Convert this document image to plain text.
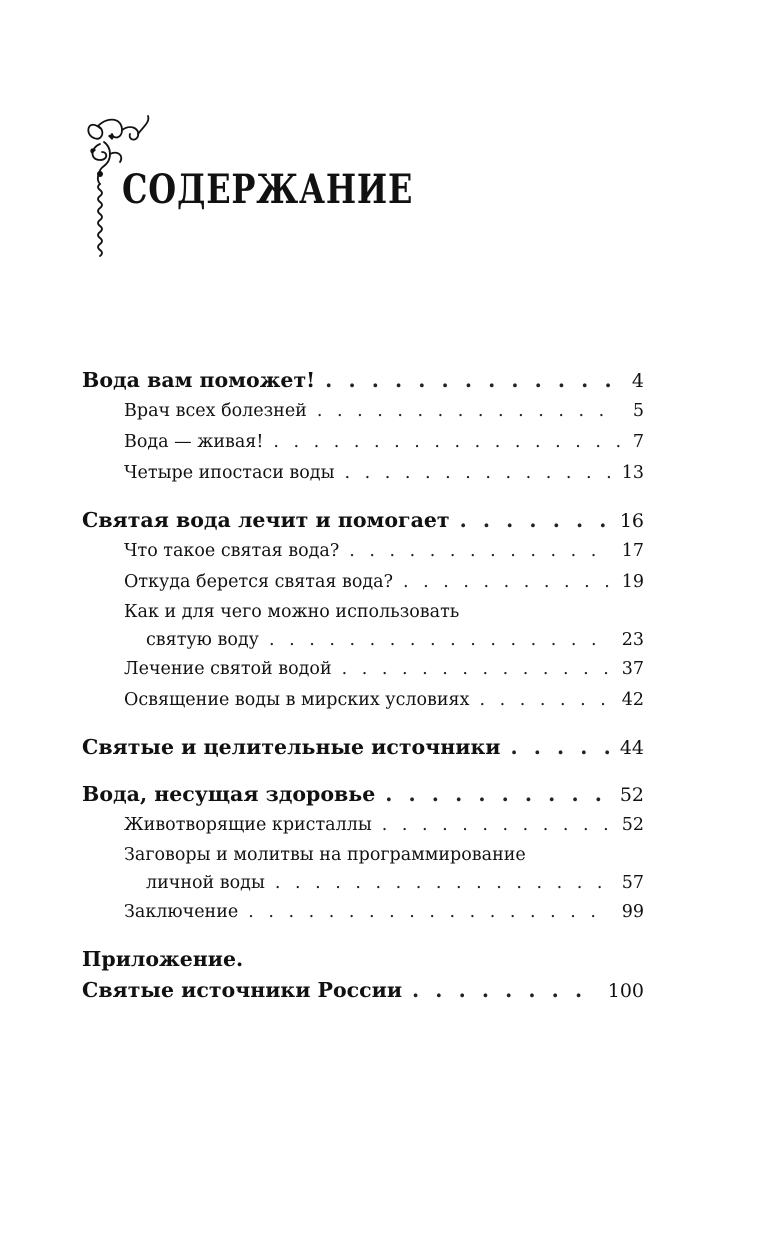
СОДЕРЖАНИЕ
Вода вам поможет! . . .	4
Врач всех болезней . . .	5
Вода — живая! . . .	7
Четыре ипостаси воды . . .	13
Святая вода лечит и помогает . . .	16
Что такое святая вода? . . .	17
Откуда берется святая вода? . . .	19
Как и для чего можно использовать
святую воду . . .	23
Лечение святой водой . . .	37
Освящение воды в мирских условиях . . .	42
Святые и целительные источники . . .	44
Вода, несущая здоровье . . .	52
Животворящие кристаллы . . .	52
Заговоры и молитвы на программирование
личной воды . . .	57
Заключение . . .	99
Приложение.
Святые источники России . . .	100
